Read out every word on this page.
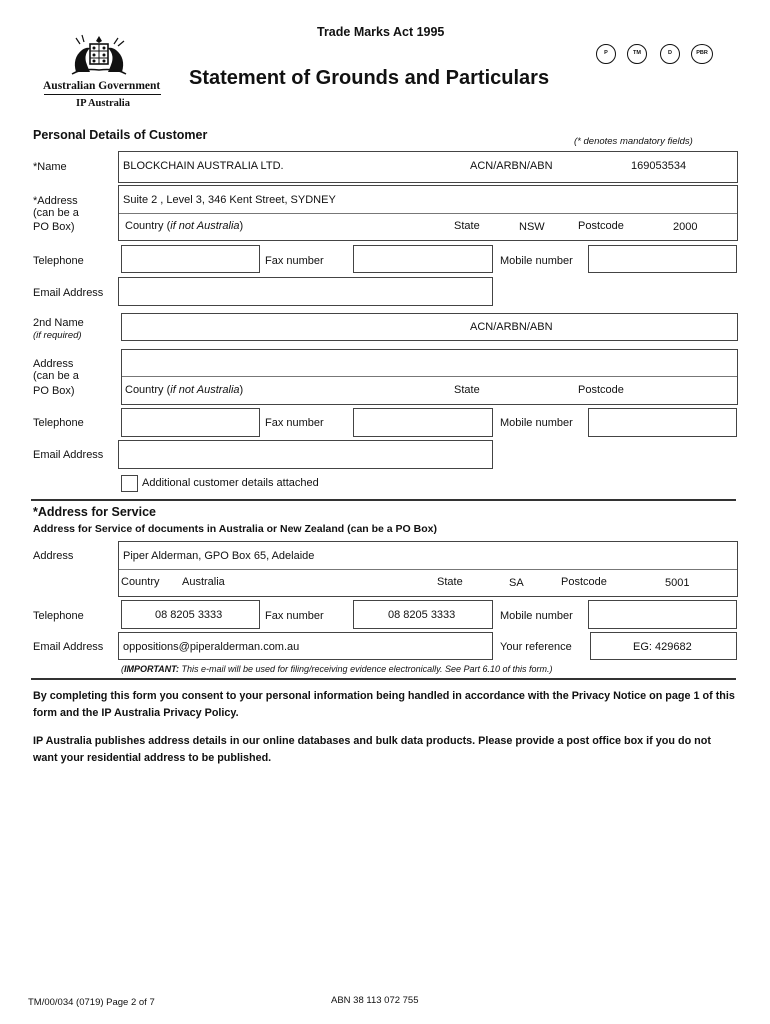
Australian Government
IP Australia
Trade Marks Act 1995
Statement of Grounds and Particulars
P	TM	D	PBR
Personal Details of Customer	(* denotes mandatory fields)
*Name	BLOCKCHAIN AUSTRALIA LTD.	ACN/ARBN/ABN	169053534
*Address
(can be a
PO Box)
Suite 2 , Level 3, 346 Kent Street, SYDNEY
Country (if not Australia)	State	NSW	Postcode	2000
Telephone	Fax number	Mobile number
Email Address
2nd Name
(if required)
ACN/ARBN/ABN
Address
(can be a
PO Box)	Country (if not Australia)	State	Postcode
Telephone	Fax number	Mobile number
Email Address
Additional customer details attached
*Address for Service
Address for Service of documents in Australia or New Zealand (can be a PO Box)
Address	Piper Alderman, GPO Box 65, Adelaide
Country Australia	State	SA	Postcode	5001
Telephone	08 8205 3333	Fax number	08 8205 3333	Mobile number
Email Address oppositions@piperalderman.com.au	Your reference	EG: 429682
(IMPORTANT: This e-mail will be used for filing/receiving evidence electronically. See Part 6.10 of this form.)
By completing this form you consent to your personal information being handled in accordance with the Privacy Notice on page 1 of this form and the IP Australia Privacy Policy.
IP Australia publishes address details in our online databases and bulk data products. Please provide a post office box if you do not want your residential address to be published.
TM/00/034 (0719) Page 2 of 7	ABN 38 113 072 755
